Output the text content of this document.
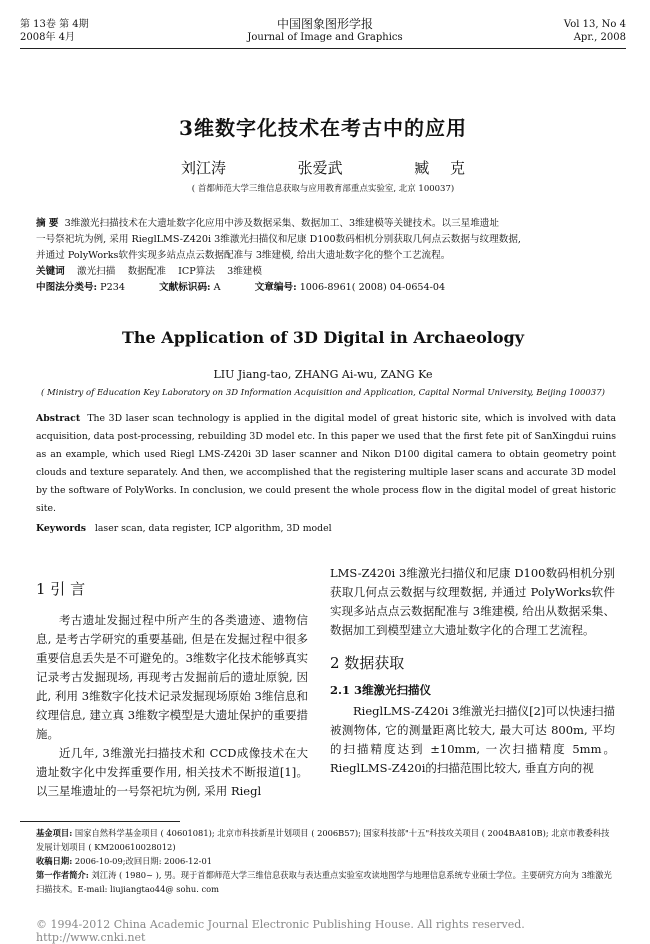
第 13卷 第 4期
2008年 4月
中国图象图形学报
Journal of Image and Graphics
Vol 13, No 4
Apr., 2008
3维数字化技术在考古中的应用
刘江涛	张爱武	臧 克
( 首都师范大学三维信息获取与应用教育部重点实验室, 北京 100037)
摘 要 3维激光扫描技术在大遗址数字化应用中涉及数据采集、数据加工、3维建模等关键技术。以三星堆遗址
一号祭祀坑为例, 采用 RieglLMS-Z420i 3维激光扫描仪和尼康 D100数码相机分别获取几何点云数据与纹理数据,
并通过 PolyWorks软件实现多站点点云数据配准与 3维建模, 给出大遗址数字化的整个工艺流程。
关键词 激光扫描 数据配准 ICP算法 3维建模
中图法分类号: P234	文献标识码: A	文章编号: 1006-8961( 2008) 04-0654-04
The Application of 3D Digital in Archaeology
LIU Jiang-tao, ZHANG Ai-wu, ZANG Ke
( Ministry of Education Key Laboratory on 3D Information Acquisition and Application, Capital Normal University, Beijing 100037)
Abstract The 3D laser scan technology is applied in the digital model of great historic site, which is involved with data acquisition, data post-processing, rebuilding 3D model etc. In this paper we used that the first fete pit of SanXingdui ruins as an example, which used Riegl LMS-Z420i 3D laser scanner and Nikon D100 digital camera to obtain geometry point clouds and texture separately. And then, we accomplished that the registering multiple laser scans and accurate 3D model by the software of PolyWorks. In conclusion, we could present the whole process flow in the digital model of great historic site.
Keywords laser scan, data register, ICP algorithm, 3D model
1 引 言

考古遗址发掘过程中所产生的各类遗迹、遗物信息, 是考古学研究的重要基础, 但是在发掘过程中很多重要信息丢失是不可避免的。3维数字化技术能够真实记录考古发掘现场, 再现考古发掘前后的遗址原貌, 因此, 利用 3维数字化技术记录发掘现场原始 3维信息和纹理信息, 建立真 3维数字模型是大遗址保护的重要措施。

近几年, 3维激光扫描技术和 CCD成像技术在大遗址数字化中发挥重要作用, 相关技术不断报道[1]。以三星堆遗址的一号祭祀坑为例, 采用 Riegl

LMS-Z420i 3维激光扫描仪和尼康 D100数码相机分别获取几何点云数据与纹理数据, 并通过 PolyWorks软件实现多站点点云数据配准与 3维建模, 给出从数据采集、数据加工到模型建立大遗址数字化的合理工艺流程。
2 数据获取
2.1 3维激光扫描仪

RieglLMS-Z420i 3维激光扫描仪[2]可以快速扫描被测物体, 它的测量距离比较大, 最大可达 800m, 平均的扫描精度达到 ±10mm, 一次扫描精度 5mm。RieglLMS-Z420i的扫描范围比较大, 垂直方向的视

基金项目: 国家自然科学基金项目 ( 40601081); 北京市科技新星计划项目 ( 2006B57); 国家科技部"十五"科技攻关项目 ( 2004BA810B); 北京市教委科技发展计划项目 ( KM200610028012)
收稿日期: 2006-10-09;改回日期: 2006-12-01
第一作者简介: 刘江涛 ( 1980~ ), 男。现于首都师范大学三维信息获取与表达重点实验室攻读地图学与地理信息系统专业硕士学位。主要研究方向为 3维激光扫描技术。E-mail: liujiangtao44@ sohu. com
© 1994-2012 China Academic Journal Electronic Publishing House. All rights reserved. http://www.cnki.net
